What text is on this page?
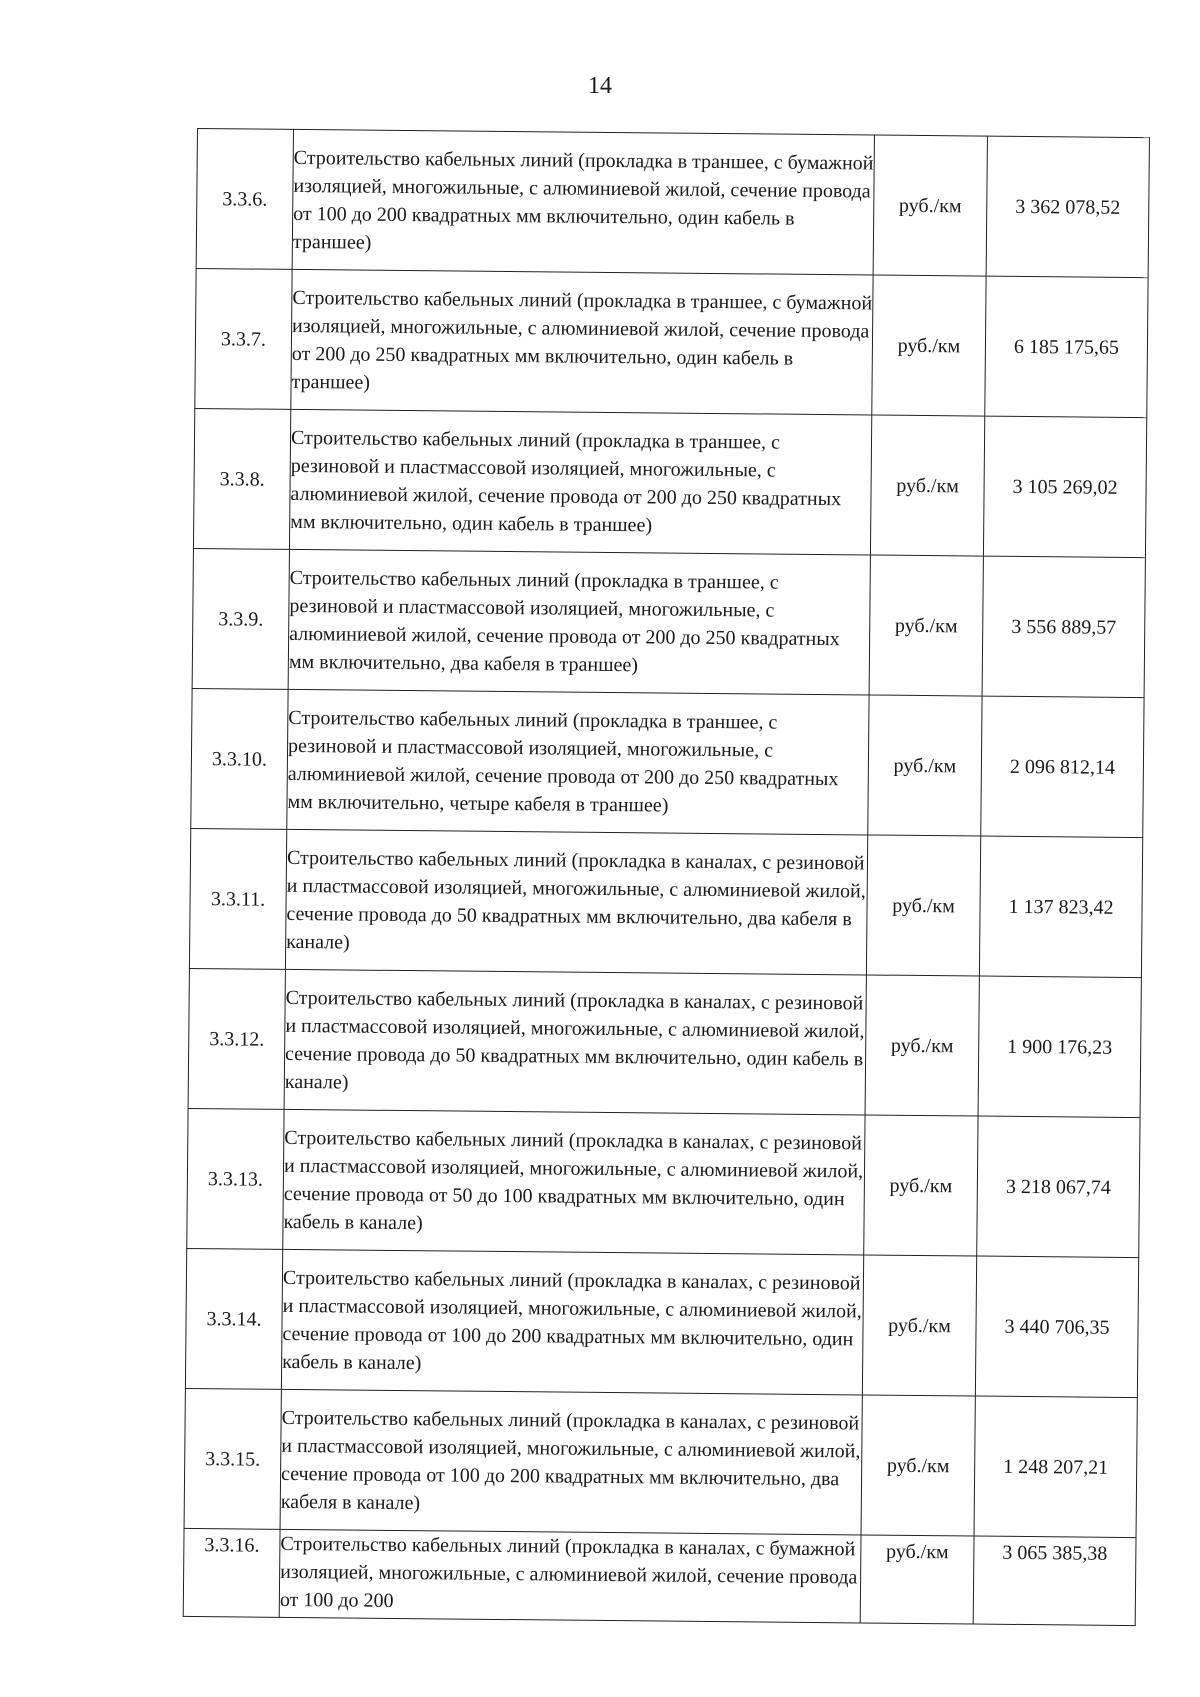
14
3.3.6.	Строительство кабельных линий (прокладка в траншее, с бумажной изоляцией, многожильные, с алюминиевой жилой, сечение провода от 100 до 200 квадратных мм включительно, один кабель в траншее)	руб./км	3 362 078,52
3.3.7.	Строительство кабельных линий (прокладка в траншее, с бумажной изоляцией, многожильные, с алюминиевой жилой, сечение провода от 200 до 250 квадратных мм включительно, один кабель в траншее)	руб./км	6 185 175,65
3.3.8.	Строительство кабельных линий (прокладка в траншее, с резиновой и пластмассовой изоляцией, многожильные, с алюминиевой жилой, сечение провода от 200 до 250 квадратных мм включительно, один кабель в траншее)	руб./км	3 105 269,02
3.3.9.	Строительство кабельных линий (прокладка в траншее, с резиновой и пластмассовой изоляцией, многожильные, с алюминиевой жилой, сечение провода от 200 до 250 квадратных мм включительно, два кабеля в траншее)	руб./км	3 556 889,57
3.3.10.	Строительство кабельных линий (прокладка в траншее, с резиновой и пластмассовой изоляцией, многожильные, с алюминиевой жилой, сечение провода от 200 до 250 квадратных мм включительно, четыре кабеля в траншее)	руб./км	2 096 812,14
3.3.11.	Строительство кабельных линий (прокладка в каналах, с резиновой и пластмассовой изоляцией, многожильные, с алюминиевой жилой, сечение провода до 50 квадратных мм включительно, два кабеля в канале)	руб./км	1 137 823,42
3.3.12.	Строительство кабельных линий (прокладка в каналах, с резиновой и пластмассовой изоляцией, многожильные, с алюминиевой жилой, сечение провода до 50 квадратных мм включительно, один кабель в канале)	руб./км	1 900 176,23
3.3.13.	Строительство кабельных линий (прокладка в каналах, с резиновой и пластмассовой изоляцией, многожильные, с алюминиевой жилой, сечение провода от 50 до 100 квадратных мм включительно, один кабель в канале)	руб./км	3 218 067,74
3.3.14.	Строительство кабельных линий (прокладка в каналах, с резиновой и пластмассовой изоляцией, многожильные, с алюминиевой жилой, сечение провода от 100 до 200 квадратных мм включительно, один кабель в канале)	руб./км	3 440 706,35
3.3.15.	Строительство кабельных линий (прокладка в каналах, с резиновой и пластмассовой изоляцией, многожильные, с алюминиевой жилой, сечение провода от 100 до 200 квадратных мм включительно, два кабеля в канале)	руб./км	1 248 207,21
3.3.16.	Строительство кабельных линий (прокладка в каналах, с бумажной изоляцией, многожильные, с алюминиевой жилой, сечение провода от 100 до 200	руб./км	3 065 385,38
